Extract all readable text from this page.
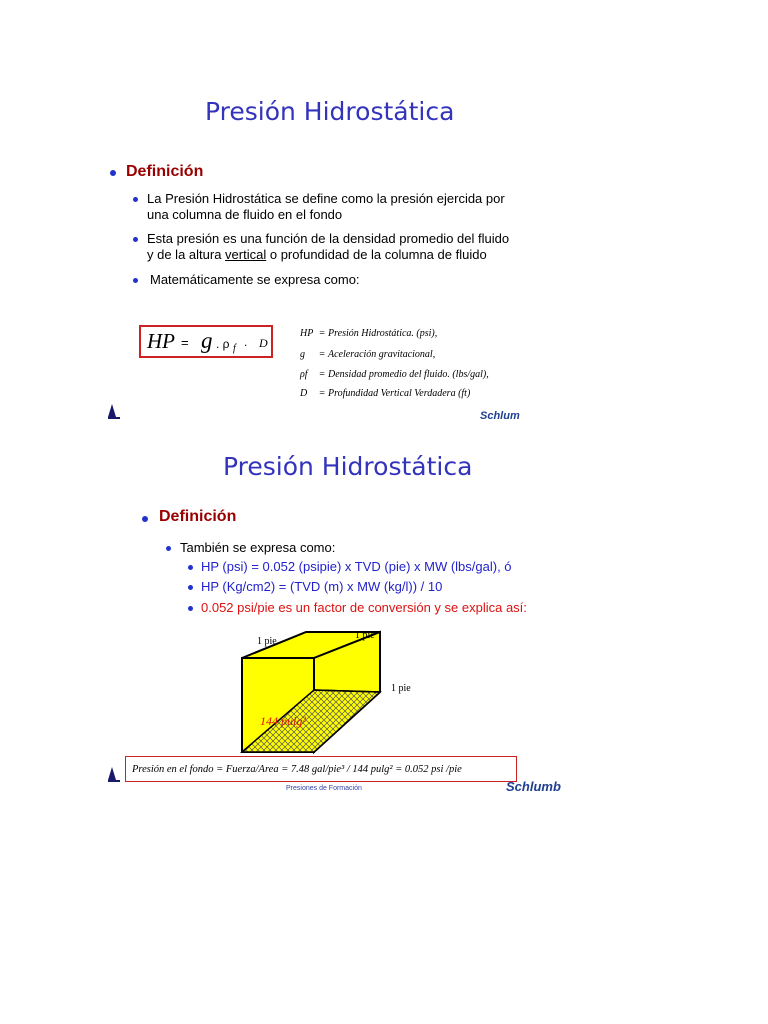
Presión Hidrostática
Definición
La Presión Hidrostática se define como la presión ejercida por
una columna de fluido en el fondo
Esta presión es una función de la densidad promedio del fluido
y de la altura vertical o profundidad de la columna de fluido
Matemáticamente se expresa como:
HP = g . ρ f . D
HP = Presión Hidrostática. (psi),
g = Aceleración gravitacional,
ρf = Densidad promedio del fluido. (lbs/gal),
D = Profundidad Vertical Verdadera (ft)
Schlum
Presión Hidrostática
Definición
También se expresa como:
HP (psi) = 0.052 (psipie) x TVD (pie) x MW (lbs/gal), ó
HP (Kg/cm2) = (TVD (m) x MW (kg/l)) / 10
0.052 psi/pie es un factor de conversión y se explica así:
1 pie
1 pie
1 pie
144 pulg²
Presión en el fondo = Fuerza/Area = 7.48 gal/pie³ / 144 pulg² = 0.052 psi /pie
Schlumb
Presiones de Formación
